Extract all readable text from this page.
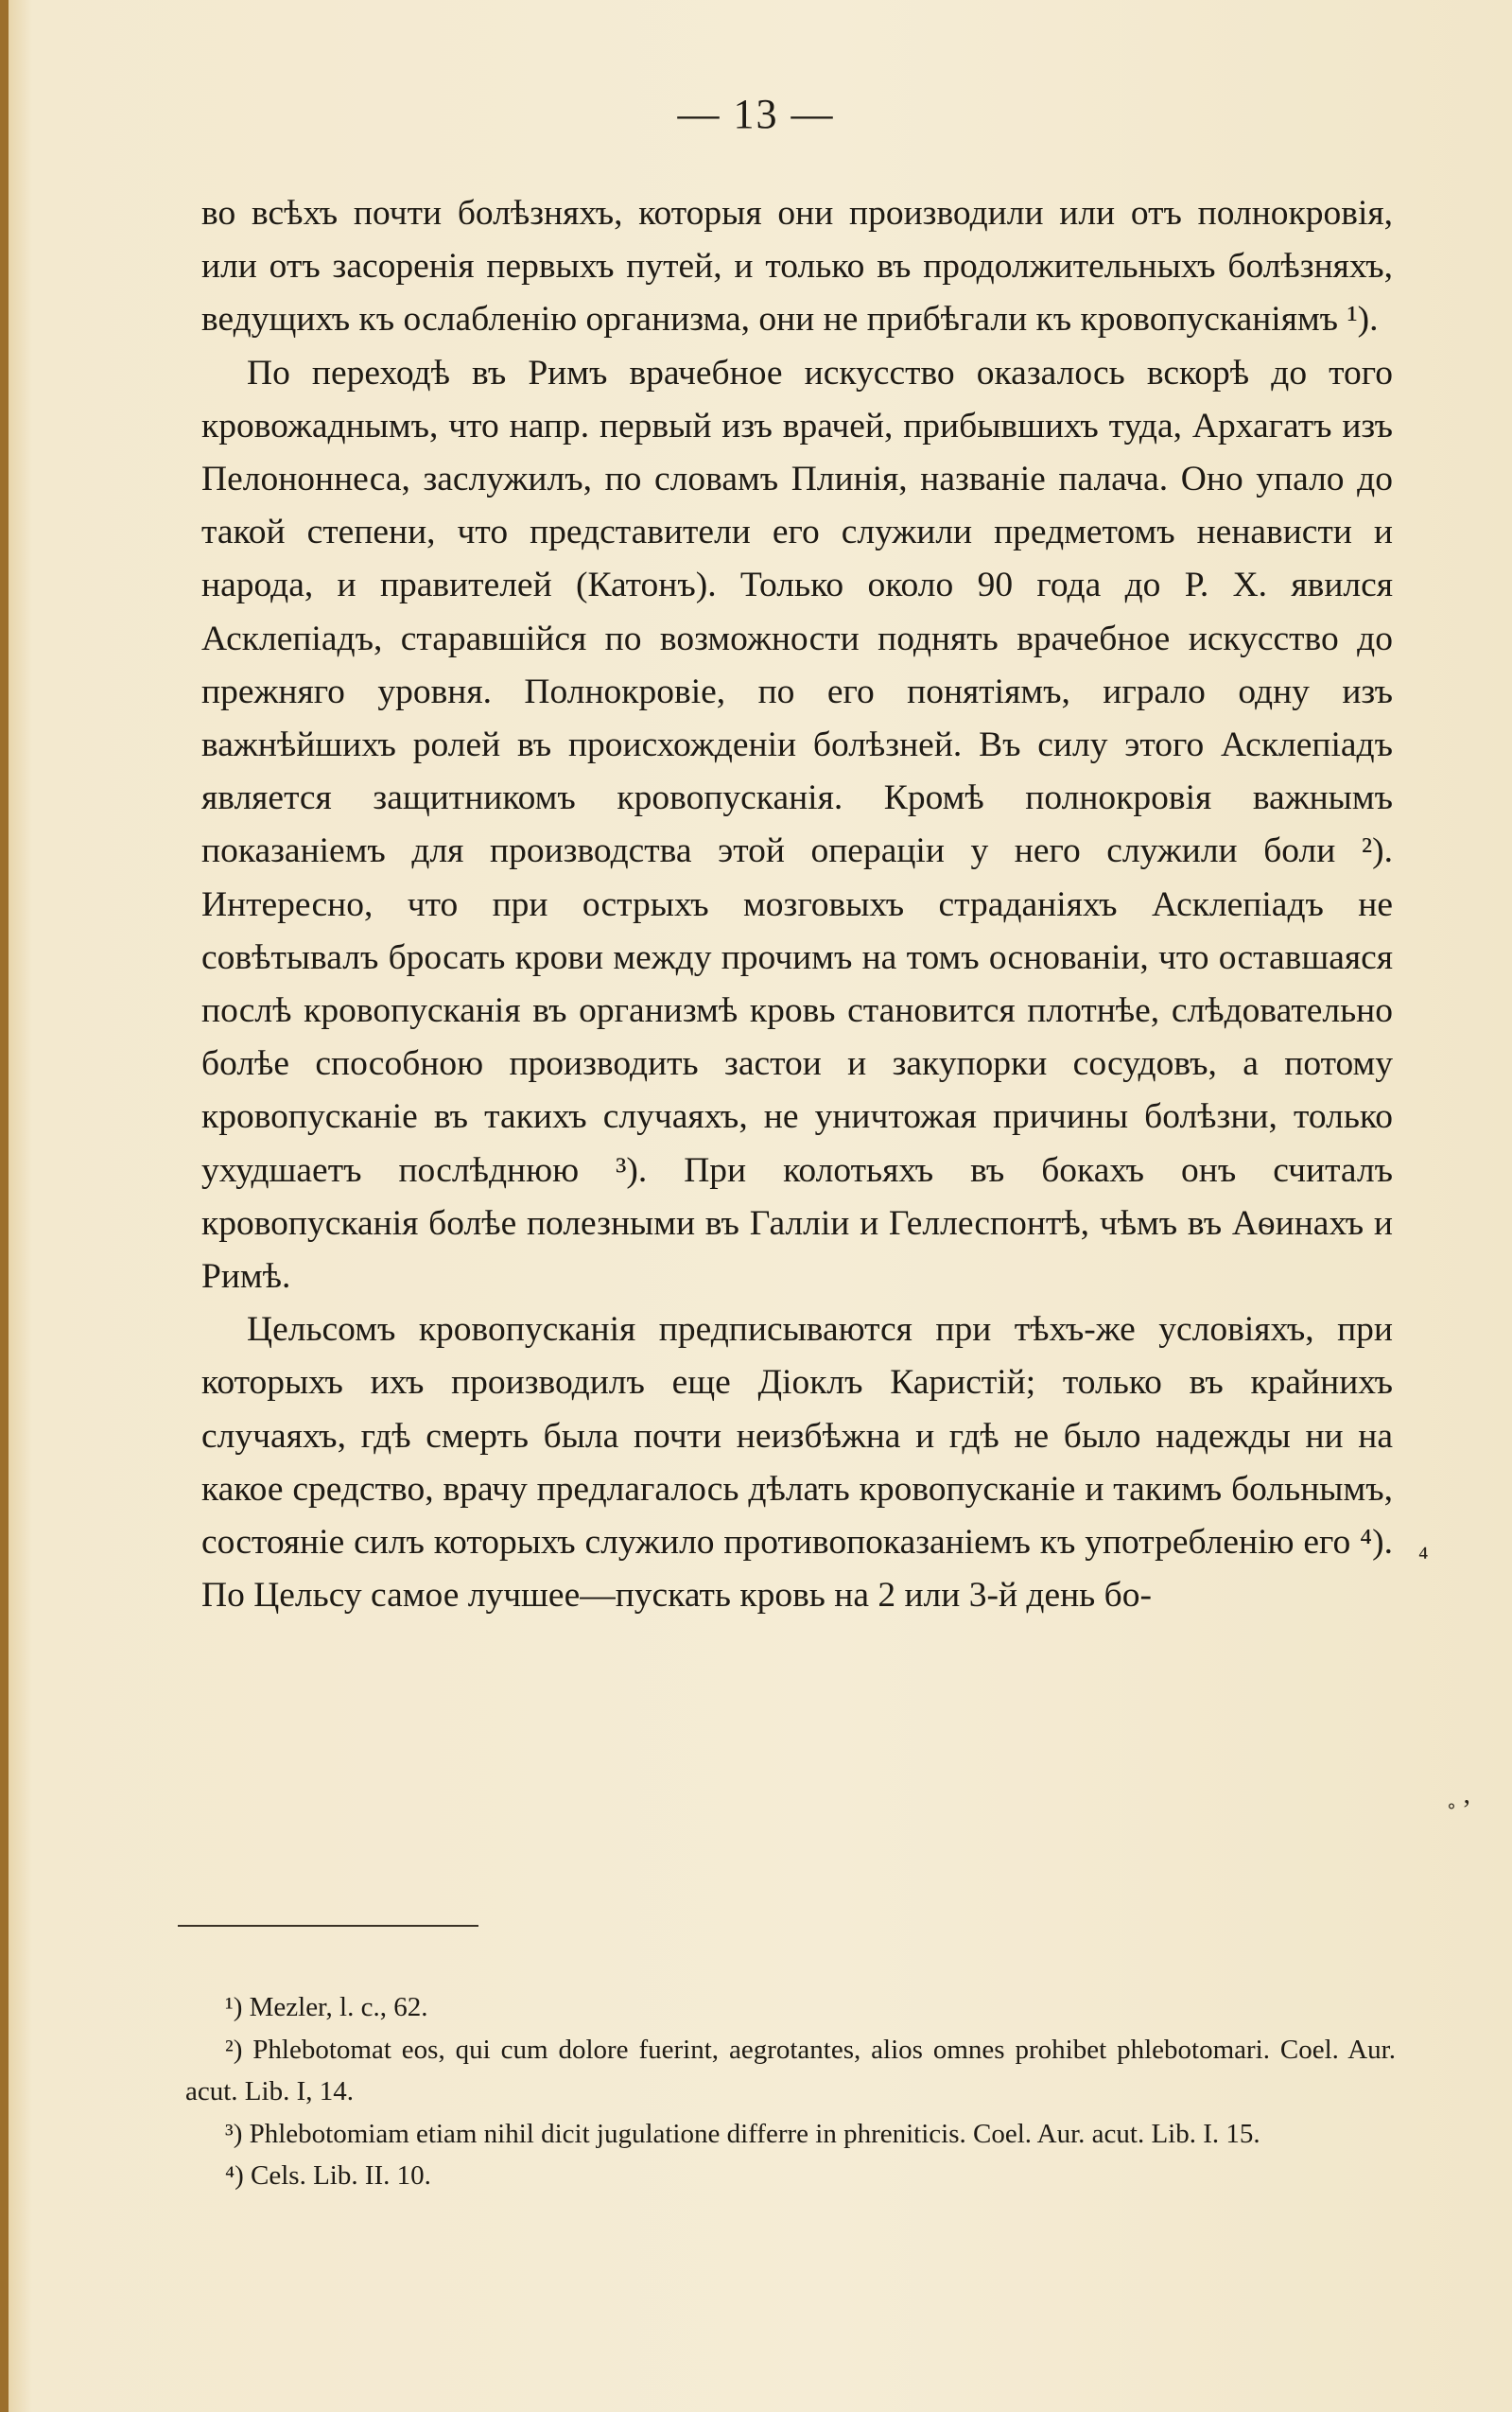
— 13 —

во всѣхъ почти болѣзняхъ, которыя они производили или отъ полнокровія, или отъ засоренія первыхъ путей, и только въ продолжительныхъ болѣзняхъ, ведущихъ къ ослабленію организма, они не прибѣгали къ кровопусканіямъ ¹).

По переходѣ въ Римъ врачебное искусство оказалось вскорѣ до того кровожаднымъ, что напр. первый изъ врачей, прибывшихъ туда, Архагатъ изъ Пелононнеса, заслужилъ, по словамъ Плинія, названіе палача. Оно упало до такой степени, что представители его служили предметомъ ненависти и народа, и правителей (Катонъ). Только около 90 года до Р. Х. явился Асклепіадъ, старавшійся по возможности поднять врачебное искусство до прежняго уровня. Полнокровіе, по его понятіямъ, играло одну изъ важнѣйшихъ ролей въ происхожденіи болѣзней. Въ силу этого Асклепіадъ является защитникомъ кровопусканія. Кромѣ полнокровія важнымъ показаніемъ для производства этой операціи у него служили боли ²). Интересно, что при острыхъ мозговыхъ страданіяхъ Асклепіадъ не совѣтывалъ бросать крови между прочимъ на томъ основаніи, что оставшаяся послѣ кровопусканія въ организмѣ кровь становится плотнѣе, слѣдовательно болѣе способною производить застои и закупорки сосудовъ, а потому кровопусканіе въ такихъ случаяхъ, не уничтожая причины болѣзни, только ухудшаетъ послѣднюю ³). При колотьяхъ въ бокахъ онъ считалъ кровопусканія болѣе полезными въ Галліи и Геллеспонтѣ, чѣмъ въ Аѳинахъ и Римѣ.

Цельсомъ кровопусканія предписываются при тѣхъ-же условіяхъ, при которыхъ ихъ производилъ еще Діоклъ Каристій; только въ крайнихъ случаяхъ, гдѣ смерть была почти неизбѣжна и гдѣ не было надежды ни на какое средство, врачу предлагалось дѣлать кровопусканіе и такимъ больнымъ, состояніе силъ которыхъ служило противопоказаніемъ къ употребленію его ⁴). По Цельсу самое лучшее—пускать кровь на 2 или 3-й день бо-

⁴
˳ ,

¹) Mezler, l. c., 62.

²) Phlebotomat eos, qui cum dolore fuerint, aegrotantes, alios omnes prohibet phlebotomari. Coel. Aur. acut. Lib. I, 14.

³) Phlebotomiam etiam nihil dicit jugulatione differre in phreniticis. Coel. Aur. acut. Lib. I. 15.

⁴) Cels. Lib. II. 10.
